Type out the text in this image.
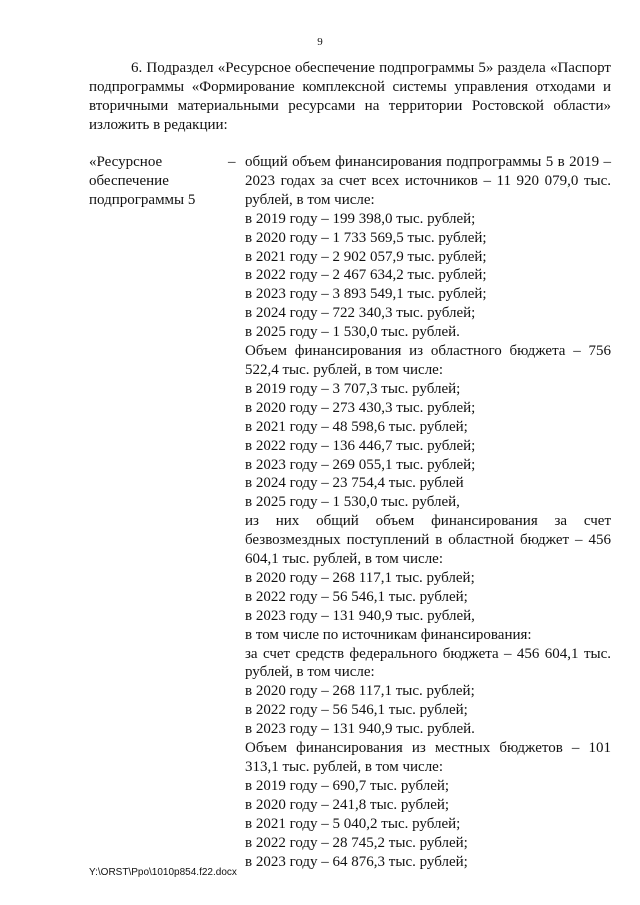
9

6. Подраздел «Ресурсное обеспечение подпрограммы 5» раздела «Паспорт подпрограммы «Формирование комплексной системы управления отходами и вторичными материальными ресурсами на территории Ростовской области» изложить в редакции:

«Ресурсное обеспечение подпрограммы 5
– общий объем финансирования подпрограммы 5 в 2019 – 2023 годах за счет всех источников – 11 920 079,0 тыс. рублей, в том числе:

в 2019 году – 199 398,0 тыс. рублей;

в 2020 году – 1 733 569,5 тыс. рублей;

в 2021 году – 2 902 057,9 тыс. рублей;

в 2022 году – 2 467 634,2 тыс. рублей;

в 2023 году – 3 893 549,1 тыс. рублей;

в 2024 году – 722 340,3 тыс. рублей;

в 2025 году – 1 530,0 тыс. рублей.

Объем финансирования из областного бюджета – 756 522,4 тыс. рублей, в том числе:

в 2019 году – 3 707,3 тыс. рублей;

в 2020 году – 273 430,3 тыс. рублей;

в 2021 году – 48 598,6 тыс. рублей;

в 2022 году – 136 446,7 тыс. рублей;

в 2023 году – 269 055,1 тыс. рублей;

в 2024 году – 23 754,4 тыс. рублей

в 2025 году – 1 530,0 тыс. рублей,

из них общий объем финансирования за счет безвозмездных поступлений в областной бюджет – 456 604,1 тыс. рублей, в том числе:

в 2020 году – 268 117,1 тыс. рублей;

в 2022 году – 56 546,1 тыс. рублей;

в 2023 году – 131 940,9 тыс. рублей,

в том числе по источникам финансирования:

за счет средств федерального бюджета – 456 604,1 тыс. рублей, в том числе:

в 2020 году – 268 117,1 тыс. рублей;

в 2022 году – 56 546,1 тыс. рублей;

в 2023 году – 131 940,9 тыс. рублей.

Объем финансирования из местных бюджетов – 101 313,1 тыс. рублей, в том числе:

в 2019 году – 690,7 тыс. рублей;

в 2020 году – 241,8 тыс. рублей;

в 2021 году – 5 040,2 тыс. рублей;

в 2022 году – 28 745,2 тыс. рублей;

в 2023 году – 64 876,3 тыс. рублей;

Y:\ORST\Ppo\1010p854.f22.docx
